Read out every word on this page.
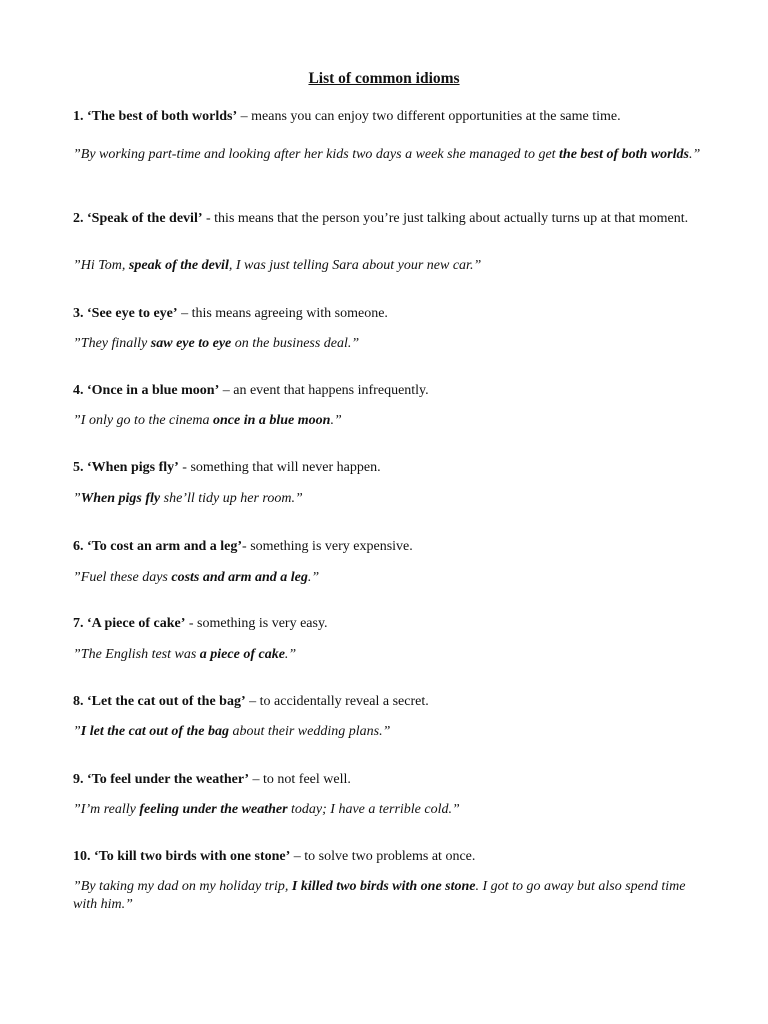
List of common idioms

1. ‘The best of both worlds’ – means you can enjoy two different opportunities at the same time.

”By working part-time and looking after her kids two days a week she managed to get the best of both worlds.”

2. ‘Speak of the devil’ - this means that the person you’re just talking about actually turns up at that moment.

”Hi Tom, speak of the devil, I was just telling Sara about your new car.”

3. ‘See eye to eye’ – this means agreeing with someone.

”They finally saw eye to eye on the business deal.”

4. ‘Once in a blue moon’ – an event that happens infrequently.

”I only go to the cinema once in a blue moon.”

5. ‘When pigs fly’ - something that will never happen.

”When pigs fly she’ll tidy up her room.”

6. ‘To cost an arm and a leg’- something is very expensive.

”Fuel these days costs and arm and a leg.”

7. ‘A piece of cake’ - something is very easy.

”The English test was a piece of cake.”

8. ‘Let the cat out of the bag’ – to accidentally reveal a secret.

”I let the cat out of the bag about their wedding plans.”

9. ‘To feel under the weather’ – to not feel well.

”I’m really feeling under the weather today; I have a terrible cold.”

10. ‘To kill two birds with one stone’ – to solve two problems at once.

”By taking my dad on my holiday trip, I killed two birds with one stone. I got to go away but also spend time with him.”
